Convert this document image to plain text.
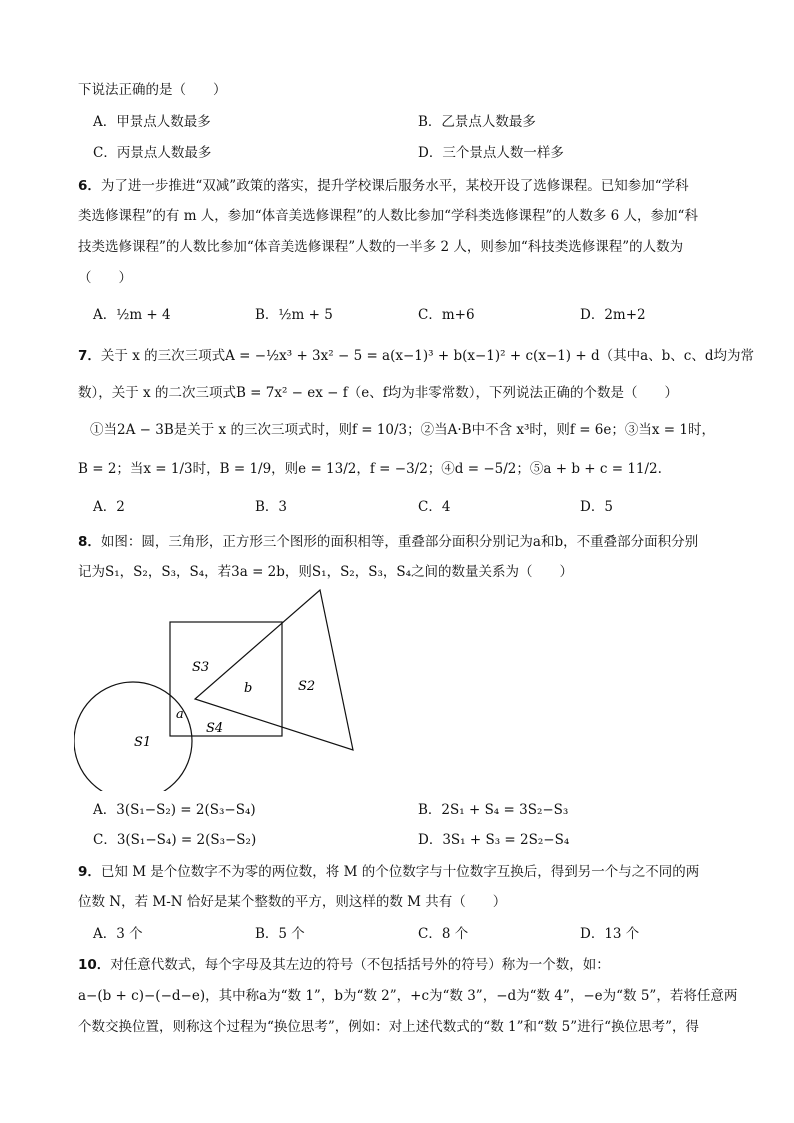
下说法正确的是（　　）
A．甲景点人数最多	B．乙景点人数最多
C．丙景点人数最多	D．三个景点人数一样多
6．为了进一步推进“双减”政策的落实，提升学校课后服务水平，某校开设了选修课程。已知参加“学科
类选修课程”的有 m 人，参加“体音美选修课程”的人数比参加“学科类选修课程”的人数多 6 人，参加“科
技类选修课程”的人数比参加“体音美选修课程”人数的一半多 2 人，则参加“科技类选修课程”的人数为
（　　）
A．½m + 4	B．½m + 5	C．m+6	D．2m+2
7．关于 x 的三次三项式A = −½x³ + 3x² − 5 = a(x−1)³ + b(x−1)² + c(x−1) + d（其中a、b、c、d均为常
数），关于 x 的二次三项式B = 7x² − ex − f（e、f均为非零常数），下列说法正确的个数是（　　）
①当2A − 3B是关于 x 的三次三项式时，则f = 10/3；②当A·B中不含 x³时，则f = 6e；③当x = 1时，
B = 2；当x = 1/3时，B = 1/9，则e = 13/2，f = −3/2；④d = −5/2；⑤a + b + c = 11/2.
A．2	B．3	C．4	D．5
8．如图：圆，三角形，正方形三个图形的面积相等，重叠部分面积分别记为a和b，不重叠部分面积分别
记为S₁，S₂，S₃，S₄，若3a = 2b，则S₁，S₂，S₃，S₄之间的数量关系为（　　）
S3
b	S2
a
S4
S1
A．3(S₁−S₂) = 2(S₃−S₄)	B．2S₁ + S₄ = 3S₂−S₃
C．3(S₁−S₄) = 2(S₃−S₂)	D．3S₁ + S₃ = 2S₂−S₄
9．已知 M 是个位数字不为零的两位数，将 M 的个位数字与十位数字互换后，得到另一个与之不同的两
位数 N，若 M-N 恰好是某个整数的平方，则这样的数 M 共有（　　）
A．3 个	B．5 个	C．8 个	D．13 个
10．对任意代数式，每个字母及其左边的符号（不包括括号外的符号）称为一个数，如：
a−(b + c)−(−d−e)，其中称a为“数 1”，b为“数 2”，+c为“数 3”，−d为“数 4”，−e为“数 5”，若将任意两
个数交换位置，则称这个过程为“换位思考”，例如：对上述代数式的“数 1”和“数 5”进行“换位思考”，得
